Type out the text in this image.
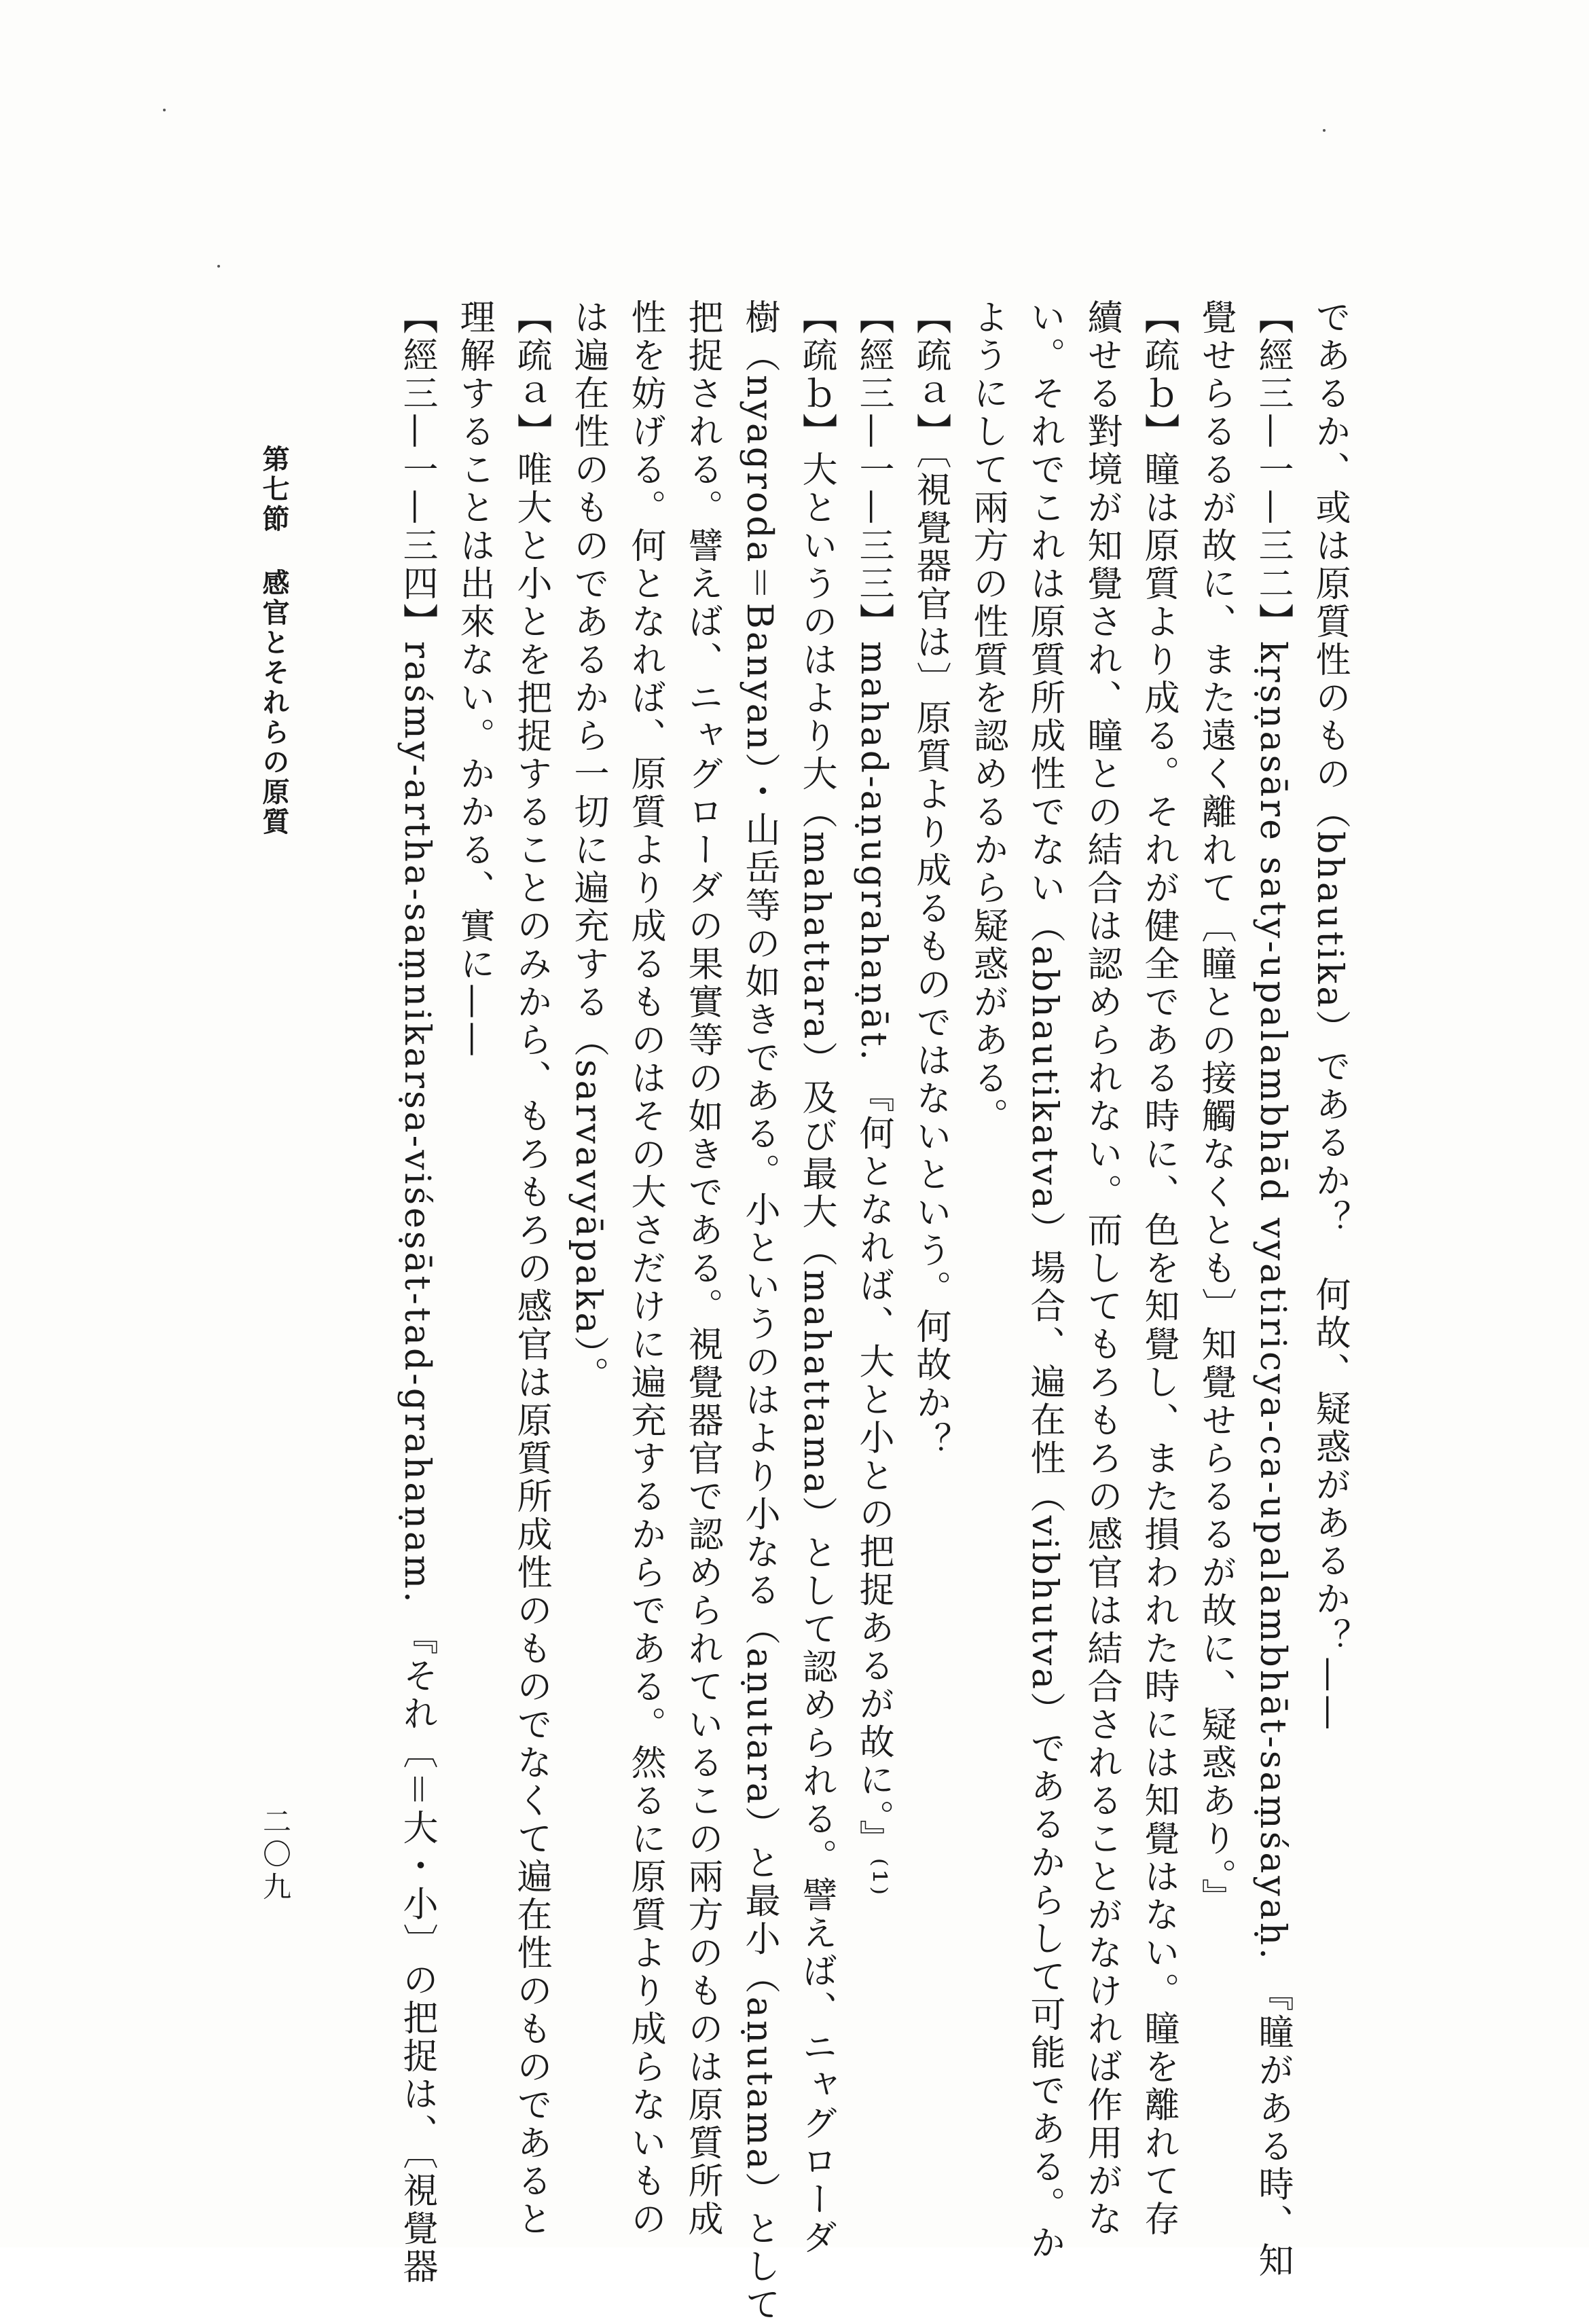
であるか、或は原質性のもの（bhautika）であるか？　何故、疑惑があるか？——
【經三—一—三二】kṛṣṇasāre saty-upalambhād vyatiricya-ca-upalambhāt-saṃśayaḥ. 『瞳がある時、知
覺せらるるが故に、また遠く離れて〔瞳との接觸なくとも〕知覺せらるるが故に、疑惑あり。』
【疏ｂ】瞳は原質より成る。それが健全である時に、色を知覺し、また損われた時には知覺はない。瞳を離れて存
續せる對境が知覺され、瞳との結合は認められない。而してもろもろの感官は結合されることがなければ作用がな
い。それでこれは原質所成性でない（abhautikatva）場合、遍在性（vibhutva）であるからして可能である。か
ようにして兩方の性質を認めるから疑惑がある。
【疏ａ】〔視覺器官は〕原質より成るものではないという。何故か？
【經三—一—三三】mahad-aṇugrahaṇāt. 『何となれば、大と小との把捉あるが故に。』⁽¹⁾
【疏ｂ】大というのはより大（mahattara）及び最大（mahattama）として認められる。譬えば、ニャグローダ
樹（nyagroda＝Banyan）・山岳等の如きである。小というのはより小なる（aṇutara）と最小（aṇutama）として
把捉される。譬えば、ニャグローダの果實等の如きである。視覺器官で認められているこの兩方のものは原質所成
性を妨げる。何となれば、原質より成るものはその大さだけに遍充するからである。然るに原質より成らないもの
は遍在性のものであるから一切に遍充する（sarvavyāpaka）。
【疏ａ】唯大と小とを把捉することのみから、もろもろの感官は原質所成性のものでなくて遍在性のものであると
理解することは出來ない。かかる、實に——
【經三—一—三四】raśmy-artha-saṃnikarṣa-viśeṣāt-tad-grahaṇam. 『それ〔＝大・小〕の把捉は、〔視覺器
第七節感官とそれらの原質
二〇九
